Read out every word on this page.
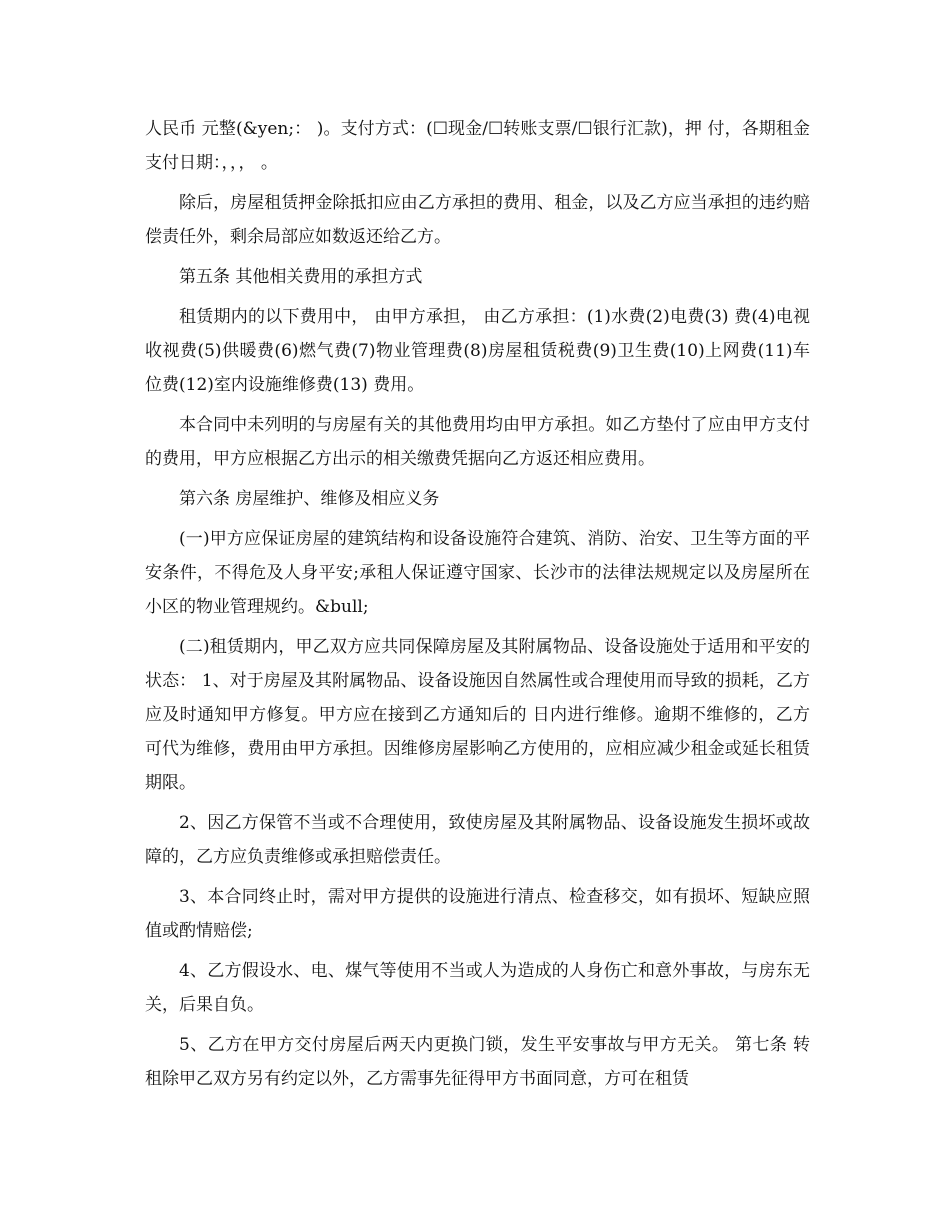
人民币 元整(&yen;： )。支付方式：(☐现金/☐转账支票/☐银行汇款)，押 付，各期租金支付日期：，，， 。

除后，房屋租赁押金除抵扣应由乙方承担的费用、租金，以及乙方应当承担的违约赔偿责任外，剩余局部应如数返还给乙方。

第五条 其他相关费用的承担方式

租赁期内的以下费用中， 由甲方承担， 由乙方承担：(1)水费(2)电费(3) 费(4)电视收视费(5)供暖费(6)燃气费(7)物业管理费(8)房屋租赁税费(9)卫生费(10)上网费(11)车位费(12)室内设施维修费(13) 费用。

本合同中未列明的与房屋有关的其他费用均由甲方承担。如乙方垫付了应由甲方支付的费用，甲方应根据乙方出示的相关缴费凭据向乙方返还相应费用。

第六条 房屋维护、维修及相应义务

(一)甲方应保证房屋的建筑结构和设备设施符合建筑、消防、治安、卫生等方面的平安条件，不得危及人身平安;承租人保证遵守国家、长沙市的法律法规规定以及房屋所在小区的物业管理规约。&bull;

(二)租赁期内，甲乙双方应共同保障房屋及其附属物品、设备设施处于适用和平安的状态： 1、对于房屋及其附属物品、设备设施因自然属性或合理使用而导致的损耗，乙方应及时通知甲方修复。甲方应在接到乙方通知后的 日内进行维修。逾期不维修的，乙方可代为维修，费用由甲方承担。因维修房屋影响乙方使用的，应相应减少租金或延长租赁期限。

2、因乙方保管不当或不合理使用，致使房屋及其附属物品、设备设施发生损坏或故障的，乙方应负责维修或承担赔偿责任。

3、本合同终止时，需对甲方提供的设施进行清点、检查移交，如有损坏、短缺应照值或酌情赔偿;

4、乙方假设水、电、煤气等使用不当或人为造成的人身伤亡和意外事故，与房东无关，后果自负。

5、乙方在甲方交付房屋后两天内更换门锁，发生平安事故与甲方无关。 第七条 转租除甲乙双方另有约定以外，乙方需事先征得甲方书面同意，方可在租赁
